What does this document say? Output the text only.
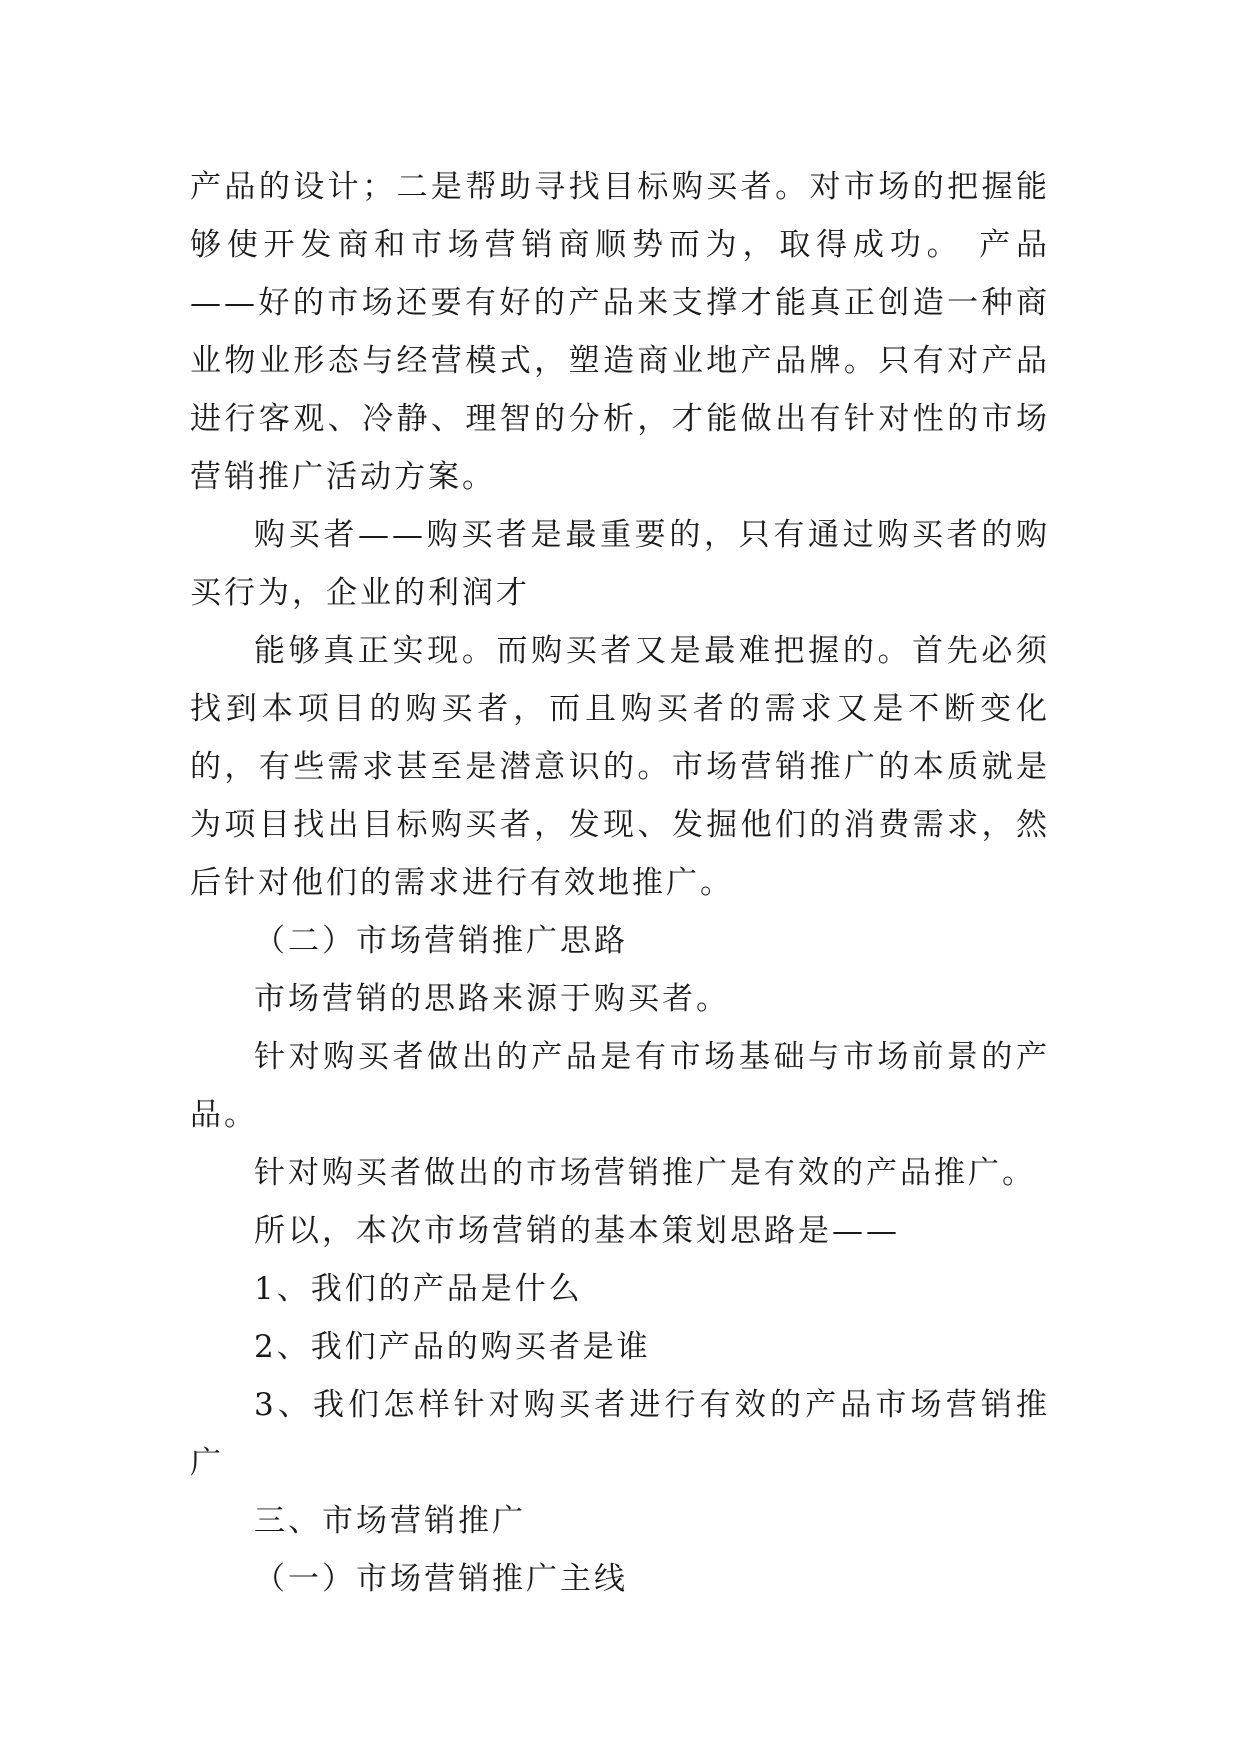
产品的设计；二是帮助寻找目标购买者。对市场的把握能够使开发商和市场营销商顺势而为，取得成功。 产品——好的市场还要有好的产品来支撑才能真正创造一种商业物业形态与经营模式，塑造商业地产品牌。只有对产品进行客观、冷静、理智的分析，才能做出有针对性的市场营销推广活动方案。

购买者——购买者是最重要的，只有通过购买者的购买行为，企业的利润才

能够真正实现。而购买者又是最难把握的。首先必须找到本项目的购买者，而且购买者的需求又是不断变化的，有些需求甚至是潜意识的。市场营销推广的本质就是为项目找出目标购买者，发现、发掘他们的消费需求，然后针对他们的需求进行有效地推广。

（二）市场营销推广思路

市场营销的思路来源于购买者。

针对购买者做出的产品是有市场基础与市场前景的产品。

针对购买者做出的市场营销推广是有效的产品推广。

所以，本次市场营销的基本策划思路是——

1、我们的产品是什么

2、我们产品的购买者是谁

3、我们怎样针对购买者进行有效的产品市场营销推广

三、市场营销推广

（一）市场营销推广主线
